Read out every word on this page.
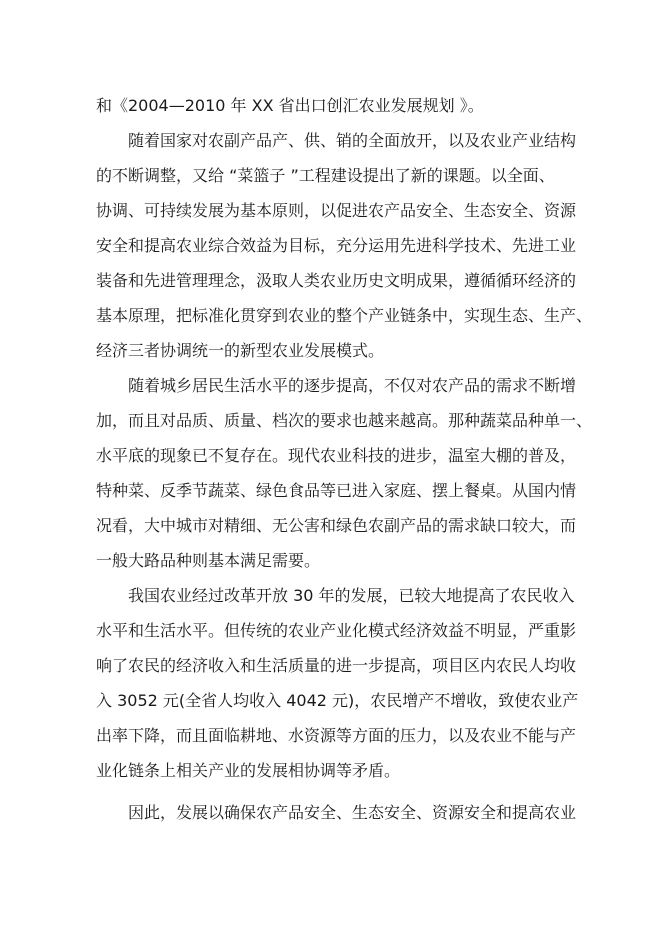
和《2004—2010 年 XX 省出口创汇农业发展规划 》。
随着国家对农副产品产、供、销的全面放开，以及农业产业结构
的不断调整，又给 “菜篮子 ”工程建设提出了新的课题。以全面、
协调、可持续发展为基本原则，以促进农产品安全、生态安全、资源
安全和提高农业综合效益为目标，充分运用先进科学技术、先进工业
装备和先进管理理念，汲取人类农业历史文明成果，遵循循环经济的
基本原理，把标准化贯穿到农业的整个产业链条中，实现生态、生产、
经济三者协调统一的新型农业发展模式。
随着城乡居民生活水平的逐步提高，不仅对农产品的需求不断增
加，而且对品质、质量、档次的要求也越来越高。那种蔬菜品种单一、
水平底的现象已不复存在。现代农业科技的进步，温室大棚的普及，
特种菜、反季节蔬菜、绿色食品等已进入家庭、摆上餐桌。从国内情
况看，大中城市对精细、无公害和绿色农副产品的需求缺口较大，而
一般大路品种则基本满足需要。
我国农业经过改革开放 30 年的发展，已较大地提高了农民收入
水平和生活水平。但传统的农业产业化模式经济效益不明显，严重影
响了农民的经济收入和生活质量的进一步提高，项目区内农民人均收
入 3052 元(全省人均收入 4042 元)，农民增产不增收，致使农业产
出率下降，而且面临耕地、水资源等方面的压力，以及农业不能与产
业化链条上相关产业的发展相协调等矛盾。
因此，发展以确保农产品安全、生态安全、资源安全和提高农业
